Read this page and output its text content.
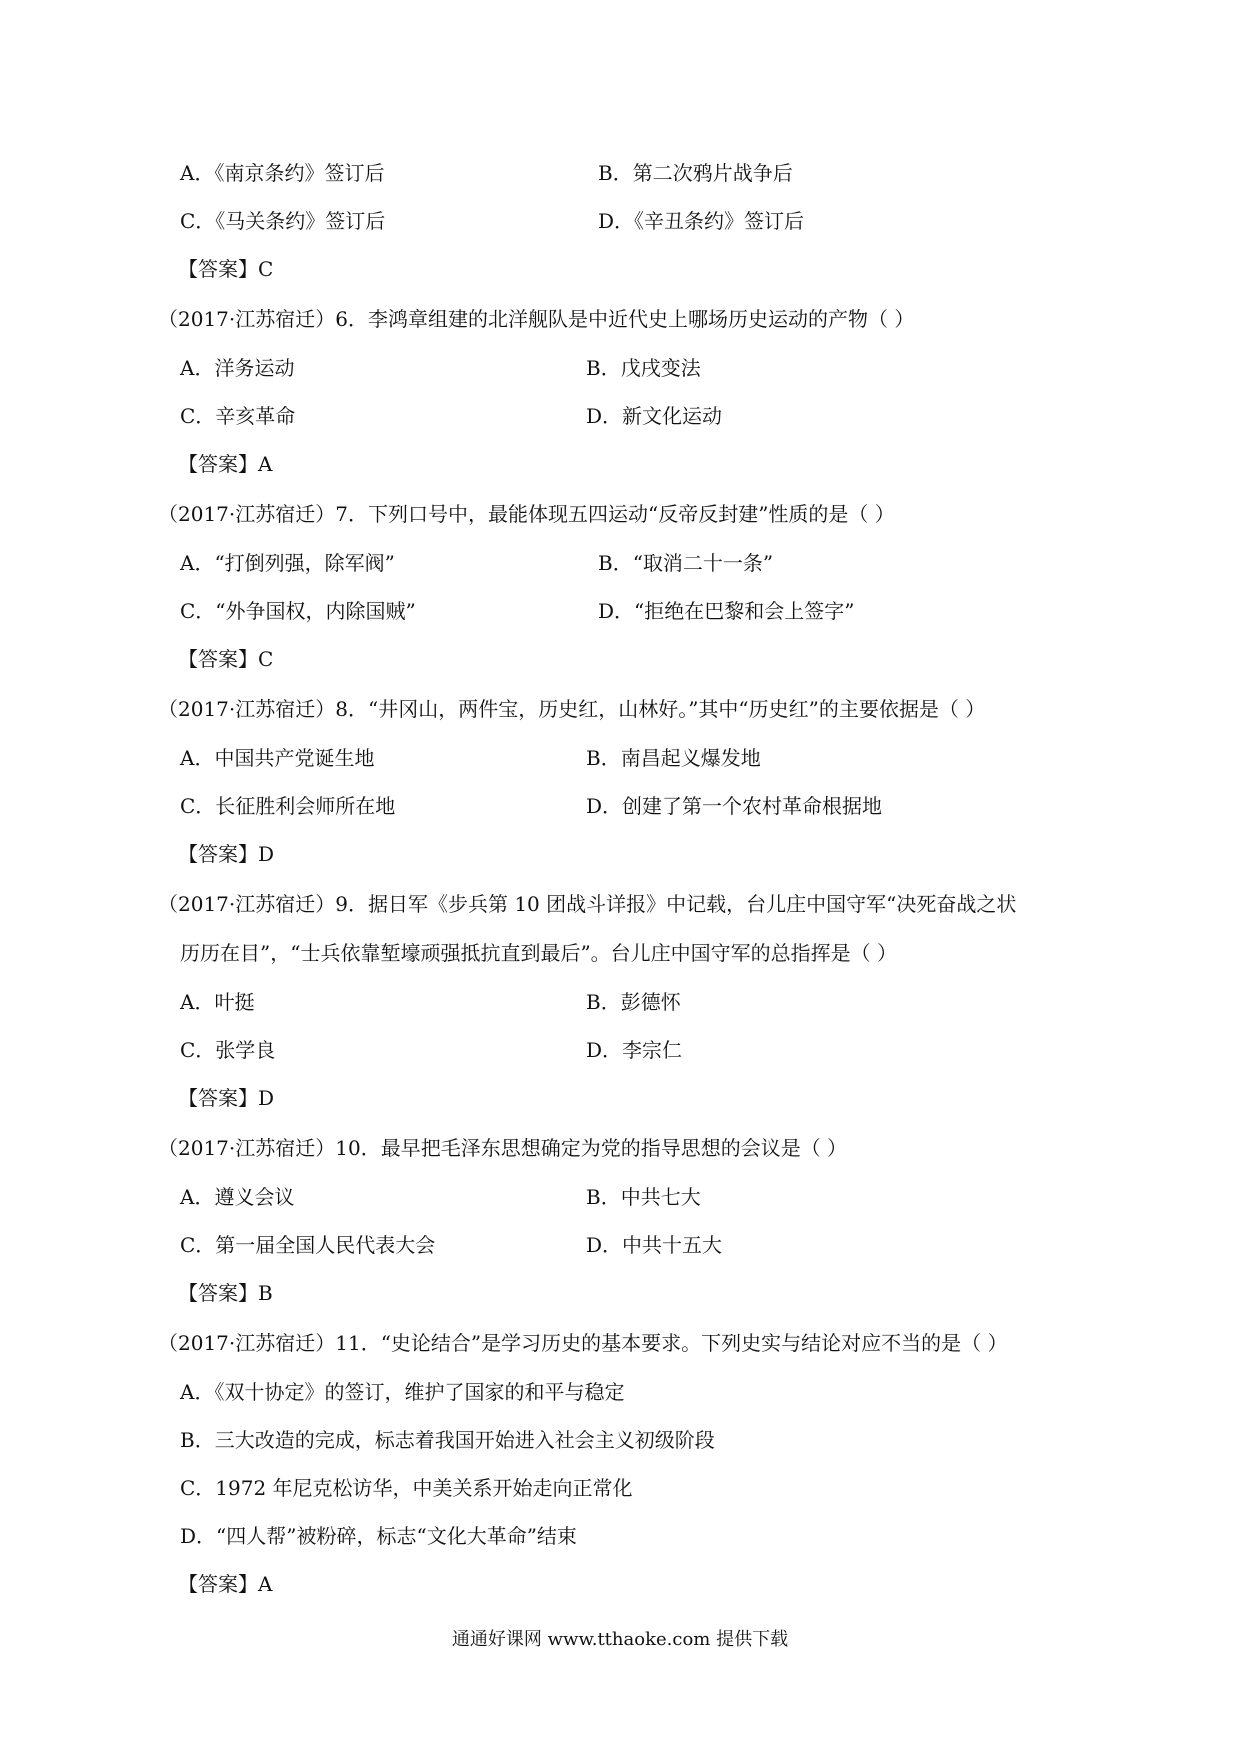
A．《南京条约》签订后	B．第二次鸦片战争后
C．《马关条约》签订后	D．《辛丑条约》签订后
【答案】C
（2017·江苏宿迁）6．李鸿章组建的北洋舰队是中近代史上哪场历史运动的产物（ ）
A．洋务运动	B．戊戌变法
C．辛亥革命	D．新文化运动
【答案】A
（2017·江苏宿迁）7．下列口号中，最能体现五四运动“反帝反封建”性质的是（ ）
A．“打倒列强，除军阀”	B．“取消二十一条”
C．“外争国权，内除国贼”	D．“拒绝在巴黎和会上签字”
【答案】C
（2017·江苏宿迁）8．“井冈山，两件宝，历史红，山林好。”其中“历史红”的主要依据是（ ）
A．中国共产党诞生地	B．南昌起义爆发地
C．长征胜利会师所在地	D．创建了第一个农村革命根据地
【答案】D
（2017·江苏宿迁）9．据日军《步兵第 10 团战斗详报》中记载，台儿庄中国守军“决死奋战之状
历历在目”，“士兵依靠堑壕顽强抵抗直到最后”。台儿庄中国守军的总指挥是（ ）
A．叶挺	B．彭德怀
C．张学良	D．李宗仁
【答案】D
（2017·江苏宿迁）10．最早把毛泽东思想确定为党的指导思想的会议是（ ）
A．遵义会议	B．中共七大
C．第一届全国人民代表大会	D．中共十五大
【答案】B
（2017·江苏宿迁）11．“史论结合”是学习历史的基本要求。下列史实与结论对应不当的是（ ）
A．《双十协定》的签订，维护了国家的和平与稳定
B．三大改造的完成，标志着我国开始进入社会主义初级阶段
C．1972 年尼克松访华，中美关系开始走向正常化
D．“四人帮”被粉碎，标志“文化大革命”结束
【答案】A
通通好课网 www.tthaoke.com 提供下载
